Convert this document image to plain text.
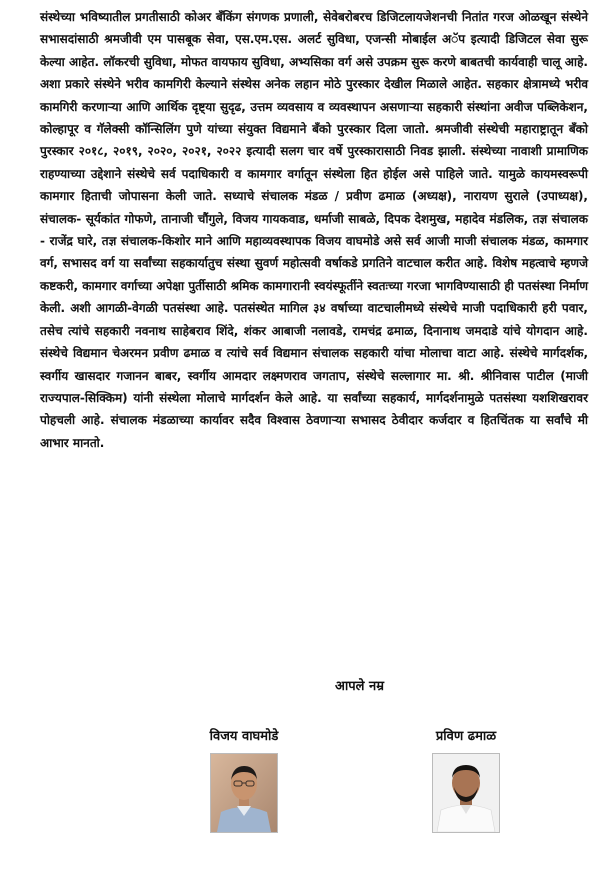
संस्थेच्या भविष्यातील प्रगतीसाठी कोअर बँकिंग संगणक प्रणाली, सेवेबरोबरच डिजिटलायजेशनची नितांत गरज ओळखून संस्थेने सभासदांसाठी श्रमजीवी एम पासबूक सेवा, एस.एम.एस. अलर्ट सुविधा, एजन्सी मोबाईल अॅप इत्यादी डिजिटल सेवा सुरू केल्या आहेत. लॉकरची सुविधा, मोफत वायफाय सुविधा, अभ्यसिका वर्ग असे उपक्रम सुरू करणे बाबतची कार्यवाही चालू आहे. अशा प्रकारे संस्थेने भरीव कामगिरी केल्याने संस्थेस अनेक लहान मोठे पुरस्कार देखील मिळाले आहेत. सहकार क्षेत्रामध्ये भरीव कामगिरी करणाऱ्या आणि आर्थिक दृष्ट्या सुदृढ, उत्तम व्यवसाय व व्यवस्थापन असणाऱ्या सहकारी संस्थांना अवीज पब्लिकेशन, कोल्हापूर व गॅलेक्सी कॉन्सिलिंग पुणे यांच्या संयुक्त विद्यमाने बँको पुरस्कार दिला जातो. श्रमजीवी संस्थेची महाराष्ट्रातून बँको पुरस्कार २०१८, २०१९, २०२०, २०२१, २०२२ इत्यादी सलग चार वर्षे पुरस्कारासाठी निवड झाली. संस्थेच्या नावाशी प्रामाणिक राहण्याच्या उद्देशाने संस्थेचे सर्व पदाधिकारी व कामगार वर्गातून संस्थेला हित होईल असे पाहिले जाते. यामुळे कायमस्वरूपी कामगार हिताची जोपासना केली जाते. सध्याचे संचालक मंडळ / प्रवीण ढमाळ (अध्यक्ष), नारायण सुराले (उपाध्यक्ष), संचालक- सूर्यकांत गोफणे, तानाजी चौंगुले, विजय गायकवाड, धर्माजी साबळे, दिपक देशमुख, महादेव मंडलिक, तज्ञ संचालक - राजेंद्र घारे, तज्ञ संचालक-किशोर माने आणि महाव्यवस्थापक विजय वाघमोडे असे सर्व आजी माजी संचालक मंडळ, कामगार वर्ग, सभासद वर्ग या सर्वांच्या सहकार्यातुच संस्था सुवर्ण महोत्सवी वर्षाकडे प्रगतिने वाटचाल करीत आहे. विशेष महत्वाचे म्हणजे कष्टकरी, कामगार वर्गाच्या अपेक्षा पुर्तीसाठी श्रमिक कामगारानी स्वयंस्फूर्तीने स्वतःच्या गरजा भागविण्यासाठी ही पतसंस्था निर्माण केली. अशी आगळी-वेगळी पतसंस्था आहे. पतसंस्थेत मागिल ३४ वर्षाच्या वाटचालीमध्ये संस्थेचे माजी पदाधिकारी हरी पवार, तसेच त्यांचे सहकारी नवनाथ साहेबराव शिंदे, शंकर आबाजी नलावडे, रामचंद्र ढमाळ, दिनानाथ जमदाडे यांचे योगदान आहे. संस्थेचे विद्यमान चेअरमन प्रवीण ढमाळ व त्यांचे सर्व विद्यमान संचालक सहकारी यांचा मोलाचा वाटा आहे. संस्थेचे मार्गदर्शक, स्वर्गीय खासदार गजानन बाबर, स्वर्गीय आमदार लक्ष्मणराव जगताप, संस्थेचे सल्लागार मा. श्री. श्रीनिवास पाटील (माजी राज्यपाल-सिक्किम) यांनी संस्थेला मोलाचे मार्गदर्शन केले आहे. या सर्वांच्या सहकार्य, मार्गदर्शनामुळे पतसंस्था यशशिखरावर पोहचली आहे. संचालक मंडळाच्या कार्यावर सदैव विश्वास ठेवणाऱ्या सभासद ठेवीदार कर्जदार व हितचिंतक या सर्वांचे मी आभार मानतो.

आपले नम्र

विजय वाघमोडे	प्रविण ढमाळ
